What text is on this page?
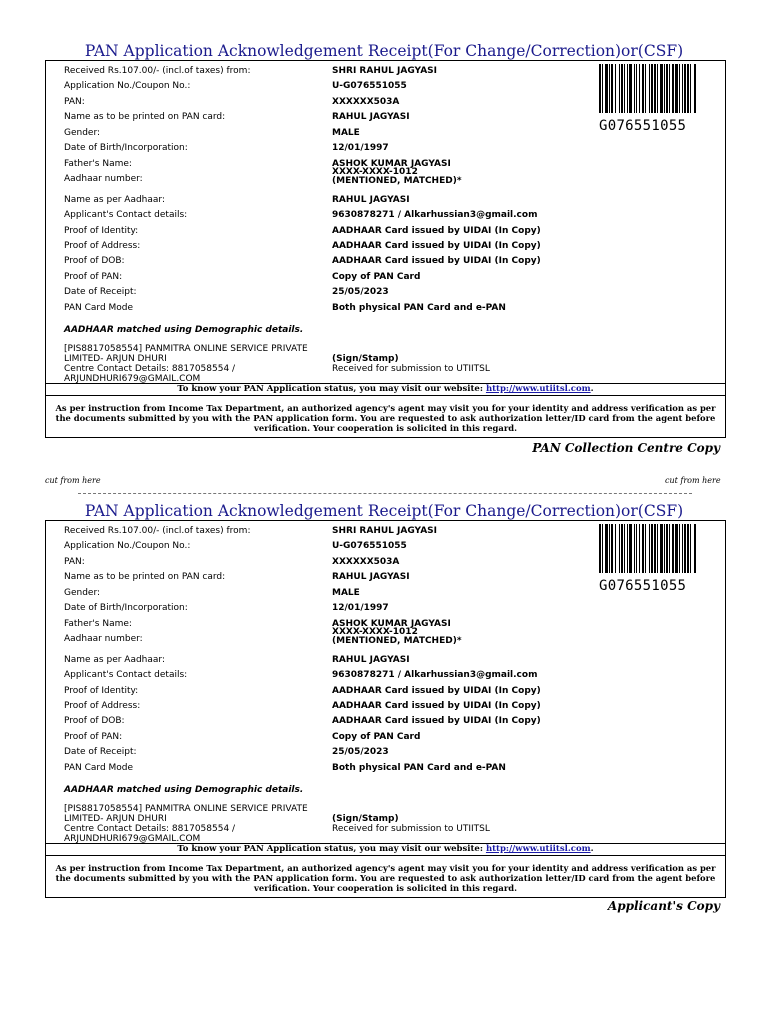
PAN Application Acknowledgement Receipt(For Change/Correction)or(CSF)
Received Rs.107.00/- (incl.of taxes) from:	SHRI RAHUL JAGYASI
Application No./Coupon No.:	U-G076551055
PAN:	XXXXXX503A
Name as to be printed on PAN card:	RAHUL JAGYASI
Gender:	MALE
Date of Birth/Incorporation:	12/01/1997
Father's Name:	ASHOK KUMAR JAGYASI
Aadhaar number:
XXXX-XXXX-1012
(MENTIONED, MATCHED)*
Name as per Aadhaar:	RAHUL JAGYASI
Applicant's Contact details:	9630878271 / Alkarhussian3@gmail.com
Proof of Identity:	AADHAAR Card issued by UIDAI (In Copy)
Proof of Address:	AADHAAR Card issued by UIDAI (In Copy)
Proof of DOB:	AADHAAR Card issued by UIDAI (In Copy)
Proof of PAN:	Copy of PAN Card
Date of Receipt:	25/05/2023
PAN Card Mode	Both physical PAN Card and e-PAN
AADHAAR matched using Demographic details.
[PIS8817058554] PANMITRA ONLINE SERVICE PRIVATE
LIMITED- ARJUN DHURI
Centre Contact Details: 8817058554 /
ARJUNDHURI679@GMAIL.COM
(Sign/Stamp)
Received for submission to UTIITSL
G076551055
To know your PAN Application status, you may visit our website: http://www.utiitsl.com.
As per instruction from Income Tax Department, an authorized agency's agent may visit you for your identity and address verification as per the documents submitted by you with the PAN application form. You are requested to ask authorization letter/ID card from the agent before verification. Your cooperation is solicited in this regard.
PAN Collection Centre Copy
cut from here	cut from here
PAN Application Acknowledgement Receipt(For Change/Correction)or(CSF)
Received Rs.107.00/- (incl.of taxes) from:	SHRI RAHUL JAGYASI
Application No./Coupon No.:	U-G076551055
PAN:	XXXXXX503A
Name as to be printed on PAN card:	RAHUL JAGYASI
Gender:	MALE
Date of Birth/Incorporation:	12/01/1997
Father's Name:	ASHOK KUMAR JAGYASI
Aadhaar number:
XXXX-XXXX-1012
(MENTIONED, MATCHED)*
Name as per Aadhaar:	RAHUL JAGYASI
Applicant's Contact details:	9630878271 / Alkarhussian3@gmail.com
Proof of Identity:	AADHAAR Card issued by UIDAI (In Copy)
Proof of Address:	AADHAAR Card issued by UIDAI (In Copy)
Proof of DOB:	AADHAAR Card issued by UIDAI (In Copy)
Proof of PAN:	Copy of PAN Card
Date of Receipt:	25/05/2023
PAN Card Mode	Both physical PAN Card and e-PAN
AADHAAR matched using Demographic details.
[PIS8817058554] PANMITRA ONLINE SERVICE PRIVATE
LIMITED- ARJUN DHURI
Centre Contact Details: 8817058554 /
ARJUNDHURI679@GMAIL.COM
(Sign/Stamp)
Received for submission to UTIITSL
G076551055
To know your PAN Application status, you may visit our website: http://www.utiitsl.com.
As per instruction from Income Tax Department, an authorized agency's agent may visit you for your identity and address verification as per the documents submitted by you with the PAN application form. You are requested to ask authorization letter/ID card from the agent before verification. Your cooperation is solicited in this regard.
Applicant's Copy
